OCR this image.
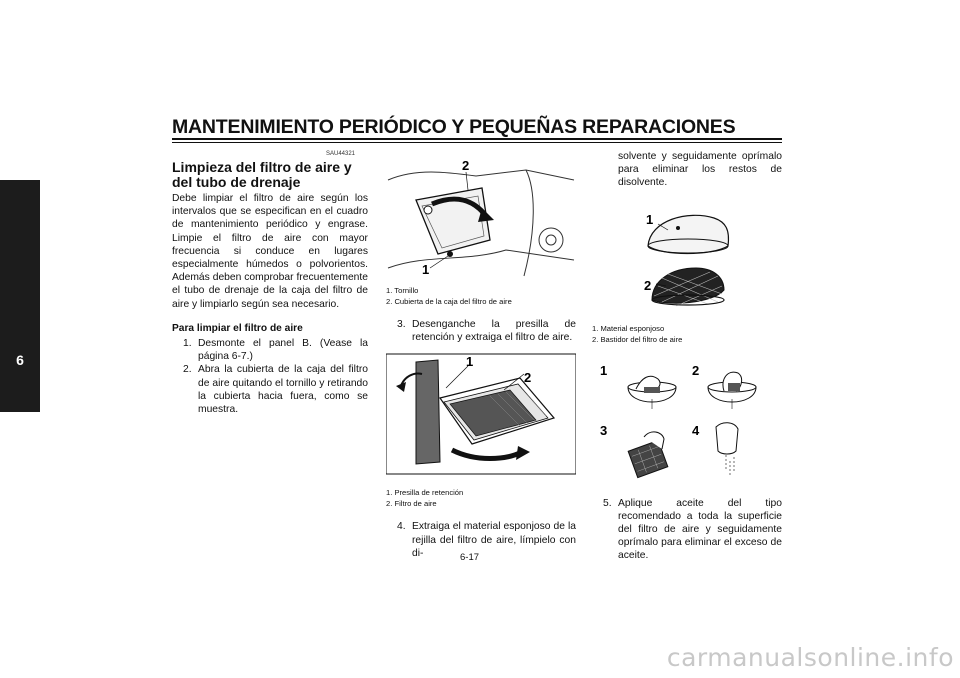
MANTENIMIENTO PERIÓDICO Y PEQUEÑAS REPARACIONES
6
SAU44321
Limpieza del filtro de aire y del tubo de drenaje

Debe limpiar el filtro de aire según los intervalos que se especifican en el cuadro de mantenimiento periódico y engrase. Limpie el filtro de aire con mayor frecuencia si conduce en lugares especialmente húmedos o polvorientos. Además deben comprobar frecuentemente el tubo de drenaje de la caja del filtro de aire y limpiarlo según sea necesario.

Para limpiar el filtro de aire
1. Desmonte el panel B. (Vease la página 6-7.)
2. Abra la cubierta de la caja del filtro de aire quitando el tornillo y retirando la cubierta hacia fuera, como se muestra.
2
1
1. Tornillo
2. Cubierta de la caja del filtro de aire
3. Desenganche la presilla de retención y extraiga el filtro de aire.
1
2
1. Presilla de retención
2. Filtro de aire
4. Extraiga el material esponjoso de la rejilla del filtro de aire, límpielo con di-

solvente y seguidamente oprímalo para eliminar los restos de disolvente.

1
2
1. Material esponjoso
2. Bastidor del filtro de aire
1	2
3	4
5. Aplique aceite del tipo recomendado a toda la superficie del filtro de aire y seguidamente oprímalo para eliminar el exceso de aceite.
6-17
carmanualsonline.info
